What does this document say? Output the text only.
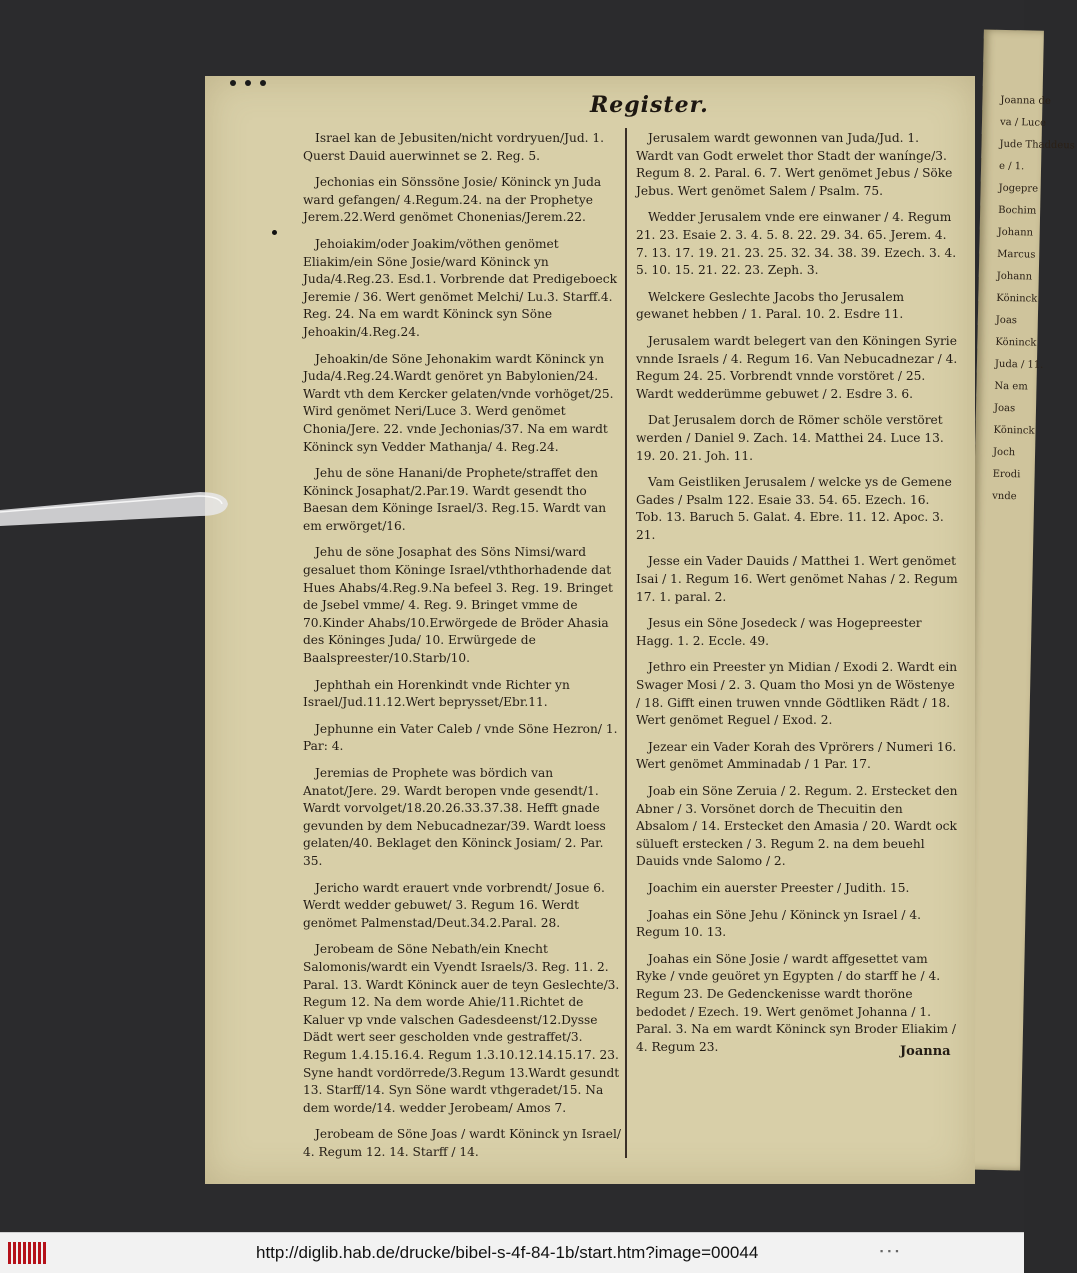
Joanna de
va / Luce
Jude Thaddeus
e / 1.
Jogepre
Bochim
Johann
Marcus
Johann
Köninck
Joas
Köninck
Juda / 11.
Na em
Joas
Köninck
Joch
Erodi
vnde
Register.
Israel kan de Jebusiten/nicht vordryuen/Jud. 1. Querst Dauid auerwinnet se 2. Reg. 5.
Jechonias ein Sönssöne Josie/ Köninck yn Juda ward gefangen/ 4.Regum.24. na der Prophetye Jerem.22.Werd genömet Chonenias/Jerem.22.
Jehoiakim/oder Joakim/vöthen genömet Eliakim/ein Söne Josie/ward Köninck yn Juda/4.Reg.23. Esd.1. Vorbrende dat Predigeboeck Jeremie / 36. Wert genömet Melchi/ Lu.3. Starff.4. Reg. 24. Na em wardt Köninck syn Söne Jehoakin/4.Reg.24.
Jehoakin/de Söne Jehonakim wardt Köninck yn Juda/4.Reg.24.Wardt genöret yn Babylonien/24. Wardt vth dem Kercker gelaten/vnde vorhöget/25. Wird genömet Neri/Luce 3. Werd genömet Chonia/Jere. 22. vnde Jechonias/37. Na em wardt Köninck syn Vedder Mathanja/ 4. Reg.24.
Jehu de söne Hanani/de Prophete/straffet den Köninck Josaphat/2.Par.19. Wardt gesendt tho Baesan dem Köninge Israel/3. Reg.15. Wardt van em erwörget/16.
Jehu de söne Josaphat des Söns Nimsi/ward gesaluet thom Köninge Israel/vththorhadende dat Hues Ahabs/4.Reg.9.Na befeel 3. Reg. 19. Bringet de Jsebel vmme/ 4. Reg. 9. Bringet vmme de 70.Kinder Ahabs/10.Erwörgede de Bröder Ahasia des Köninges Juda/ 10. Erwürgede de Baalspreester/10.Starb/10.
Jephthah ein Horenkindt vnde Richter yn Israel/Jud.11.12.Wert beprysset/Ebr.11.
Jephunne ein Vater Caleb / vnde Söne Hezron/ 1. Par: 4.
Jeremias de Prophete was bördich van Anatot/Jere. 29. Wardt beropen vnde gesendt/1. Wardt vorvolget/18.20.26.33.37.38. Hefft gnade gevunden by dem Nebucadnezar/39. Wardt loess gelaten/40. Beklaget den Köninck Josiam/ 2. Par. 35.
Jericho wardt erauert vnde vorbrendt/ Josue 6. Werdt wedder gebuwet/ 3. Regum 16. Werdt genömet Palmenstad/Deut.34.2.Paral. 28.
Jerobeam de Söne Nebath/ein Knecht Salomonis/wardt ein Vyendt Israels/3. Reg. 11. 2. Paral. 13. Wardt Köninck auer de teyn Geslechte/3. Regum 12. Na dem worde Ahie/11.Richtet de Kaluer vp vnde valschen Gadesdeenst/12.Dysse Dädt wert seer gescholden vnde gestraffet/3. Regum 1.4.15.16.4. Regum 1.3.10.12.14.15.17. 23. Syne handt vordörrede/3.Regum 13.Wardt gesundt 13. Starff/14. Syn Söne wardt vthgeradet/15. Na dem worde/14. wedder Jerobeam/ Amos 7.
Jerobeam de Söne Joas / wardt Köninck yn Israel/ 4. Regum 12. 14. Starff / 14.
Jerusalem wardt gewonnen van Juda/Jud. 1. Wardt van Godt erwelet thor Stadt der wanínge/3. Regum 8. 2. Paral. 6. 7. Wert genömet Jebus / Söke Jebus. Wert genömet Salem / Psalm. 75.
Wedder Jerusalem vnde ere einwaner / 4. Regum 21. 23. Esaie 2. 3. 4. 5. 8. 22. 29. 34. 65. Jerem. 4. 7. 13. 17. 19. 21. 23. 25. 32. 34. 38. 39. Ezech. 3. 4. 5. 10. 15. 21. 22. 23. Zeph. 3.
Welckere Geslechte Jacobs tho Jerusalem gewanet hebben / 1. Paral. 10. 2. Esdre 11.
Jerusalem wardt belegert van den Köningen Syrie vnnde Israels / 4. Regum 16. Van Nebucadnezar / 4. Regum 24. 25. Vorbrendt vnnde vorstöret / 25. Wardt wedderümme gebuwet / 2. Esdre 3. 6.
Dat Jerusalem dorch de Römer schöle verstöret werden / Daniel 9. Zach. 14. Matthei 24. Luce 13. 19. 20. 21. Joh. 11.
Vam Geistliken Jerusalem / welcke ys de Gemene Gades / Psalm 122. Esaie 33. 54. 65. Ezech. 16. Tob. 13. Baruch 5. Galat. 4. Ebre. 11. 12. Apoc. 3. 21.
Jesse ein Vader Dauids / Matthei 1. Wert genömet Isai / 1. Regum 16. Wert genömet Nahas / 2. Regum 17. 1. paral. 2.
Jesus ein Söne Josedeck / was Hogepreester Hagg. 1. 2. Eccle. 49.
Jethro ein Preester yn Midian / Exodi 2. Wardt ein Swager Mosi / 2. 3. Quam tho Mosi yn de Wöstenye / 18. Gifft einen truwen vnnde Gödtliken Rädt / 18. Wert genömet Reguel / Exod. 2.
Jezear ein Vader Korah des Vprörers / Numeri 16. Wert genömet Amminadab / 1 Par. 17.
Joab ein Söne Zeruia / 2. Regum. 2. Erstecket den Abner / 3. Vorsönet dorch de Thecuitin den Absalom / 14. Erstecket den Amasia / 20. Wardt ock sülueft erstecken / 3. Regum 2. na dem beuehl Dauids vnde Salomo / 2.
Joachim ein auerster Preester / Judith. 15.
Joahas ein Söne Jehu / Köninck yn Israel / 4. Regum 10. 13.
Joahas ein Söne Josie / wardt affgesettet vam Ryke / vnde geuöret yn Egypten / do starff he / 4. Regum 23. De Gedenckenisse wardt thoröne bedodet / Ezech. 19. Wert genömet Johanna / 1. Paral. 3. Na em wardt Köninck syn Broder Eliakim / 4. Regum 23.	Joanna
http://diglib.hab.de/drucke/bibel-s-4f-84-1b/start.htm?image=00044	▪ ▪ ▪
